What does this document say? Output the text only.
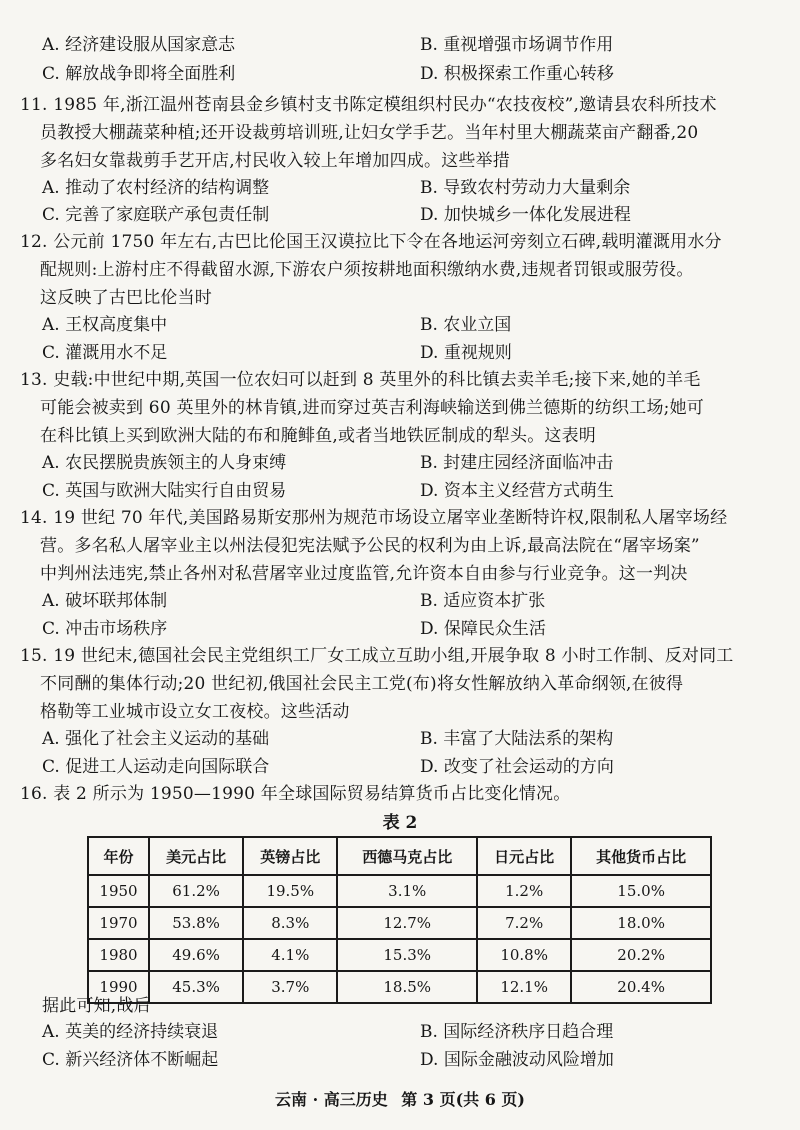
A. 经济建设服从国家意志	B. 重视增强市场调节作用
C. 解放战争即将全面胜利	D. 积极探索工作重心转移
11. 1985 年,浙江温州苍南县金乡镇村支书陈定模组织村民办“农技夜校”,邀请县农科所技术
员教授大棚蔬菜种植;还开设裁剪培训班,让妇女学手艺。当年村里大棚蔬菜亩产翻番,20
多名妇女靠裁剪手艺开店,村民收入较上年增加四成。这些举措
A. 推动了农村经济的结构调整	B. 导致农村劳动力大量剩余
C. 完善了家庭联产承包责任制	D. 加快城乡一体化发展进程
12. 公元前 1750 年左右,古巴比伦国王汉谟拉比下令在各地运河旁刻立石碑,载明灌溉用水分
配规则:上游村庄不得截留水源,下游农户须按耕地面积缴纳水费,违规者罚银或服劳役。
这反映了古巴比伦当时
A. 王权高度集中	B. 农业立国
C. 灌溉用水不足	D. 重视规则
13. 史载:中世纪中期,英国一位农妇可以赶到 8 英里外的科比镇去卖羊毛;接下来,她的羊毛
可能会被卖到 60 英里外的林肯镇,进而穿过英吉利海峡输送到佛兰德斯的纺织工场;她可
在科比镇上买到欧洲大陆的布和腌鲱鱼,或者当地铁匠制成的犁头。这表明
A. 农民摆脱贵族领主的人身束缚	B. 封建庄园经济面临冲击
C. 英国与欧洲大陆实行自由贸易	D. 资本主义经营方式萌生
14. 19 世纪 70 年代,美国路易斯安那州为规范市场设立屠宰业垄断特许权,限制私人屠宰场经
营。多名私人屠宰业主以州法侵犯宪法赋予公民的权利为由上诉,最高法院在“屠宰场案”
中判州法违宪,禁止各州对私营屠宰业过度监管,允许资本自由参与行业竞争。这一判决
A. 破坏联邦体制	B. 适应资本扩张
C. 冲击市场秩序	D. 保障民众生活
15. 19 世纪末,德国社会民主党组织工厂女工成立互助小组,开展争取 8 小时工作制、反对同工
不同酬的集体行动;20 世纪初,俄国社会民主工党(布)将女性解放纳入革命纲领,在彼得
格勒等工业城市设立女工夜校。这些活动
A. 强化了社会主义运动的基础	B. 丰富了大陆法系的架构
C. 促进工人运动走向国际联合	D. 改变了社会运动的方向
16. 表 2 所示为 1950—1990 年全球国际贸易结算货币占比变化情况。
表 2
年份	美元占比	英镑占比	西德马克占比	日元占比	其他货币占比
1950	61.2%	19.5%	3.1%	1.2%	15.0%
1970	53.8%	8.3%	12.7%	7.2%	18.0%
1980	49.6%	4.1%	15.3%	10.8%	20.2%
1990	45.3%	3.7%	18.5%	12.1%	20.4%
据此可知,战后
A. 英美的经济持续衰退	B. 国际经济秩序日趋合理
C. 新兴经济体不断崛起	D. 国际金融波动风险增加
云南 · 高三历史 第 3 页(共 6 页)
